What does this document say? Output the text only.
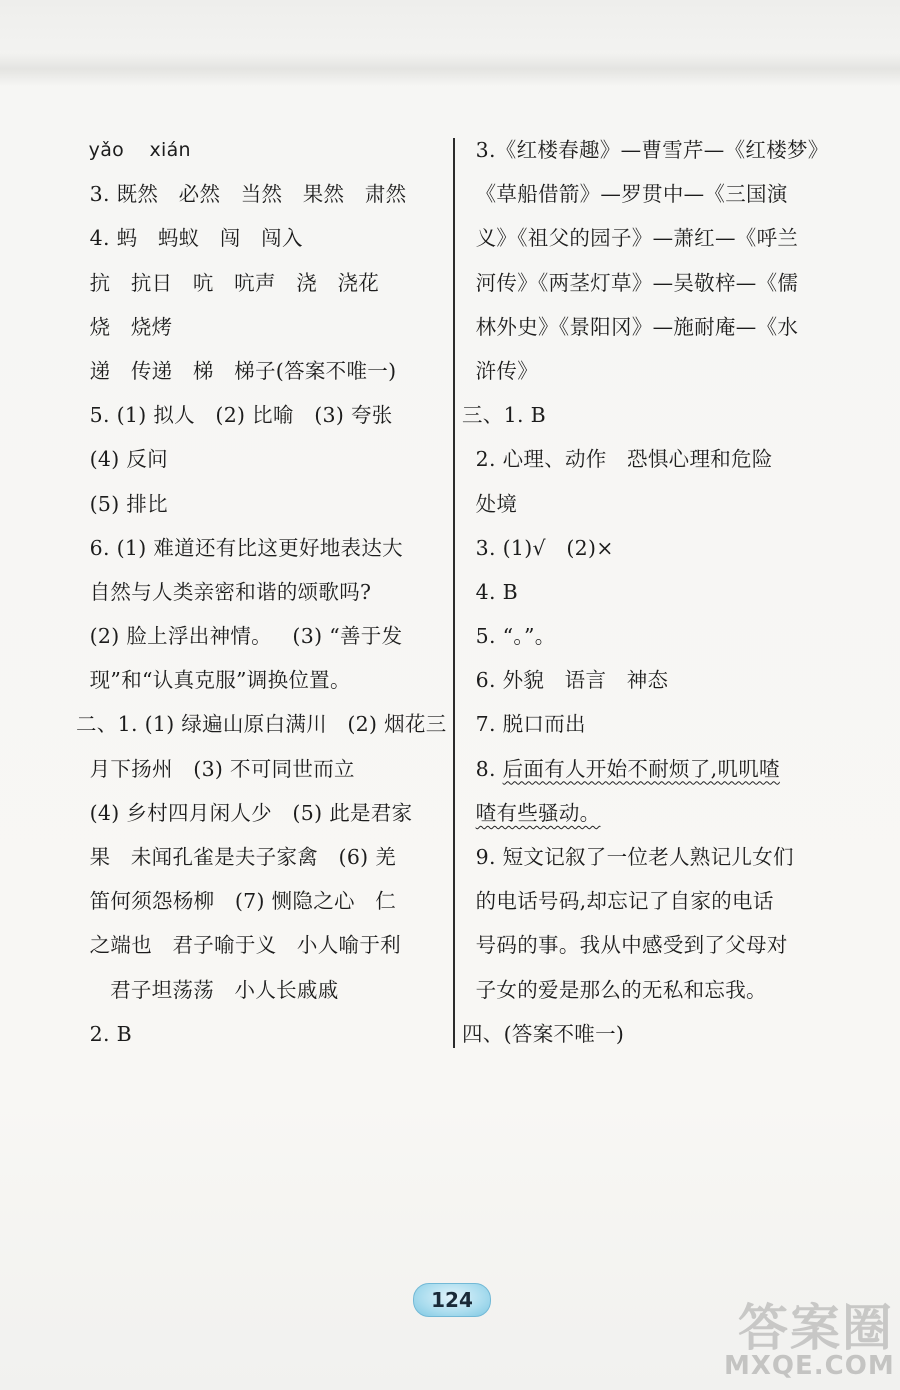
yǎo    xián
3. 既然   必然   当然   果然   肃然
4. 蚂   蚂蚁   闯   闯入
抗   抗日   吭   吭声   浇   浇花
烧   烧烤
递   传递   梯   梯子(答案不唯一)
5. (1) 拟人   (2) 比喻   (3) 夸张
(4) 反问
(5) 排比
6. (1) 难道还有比这更好地表达大
自然与人类亲密和谐的颂歌吗?
(2) 脸上浮出神情。   (3) “善于发
现”和“认真克服”调换位置。
二、1. (1) 绿遍山原白满川   (2) 烟花三
月下扬州   (3) 不可同世而立
(4) 乡村四月闲人少   (5) 此是君家
果   未闻孔雀是夫子家禽   (6) 羌
笛何须怨杨柳   (7) 恻隐之心   仁
之端也   君子喻于义   小人喻于利
君子坦荡荡   小人长戚戚
2. B
3.《红楼春趣》—曹雪芹—《红楼梦》
《草船借箭》—罗贯中—《三国演
义》《祖父的园子》—萧红—《呼兰
河传》《两茎灯草》—吴敬梓—《儒
林外史》《景阳冈》—施耐庵—《水
浒传》
三、1. B
2. 心理、动作   恐惧心理和危险
处境
3. (1)√   (2)×
4. B
5. “。”。
6. 外貌   语言   神态
7. 脱口而出
8. 后面有人开始不耐烦了,叽叽喳
喳有些骚动。
9. 短文记叙了一位老人熟记儿女们
的电话号码,却忘记了自家的电话
号码的事。我从中感受到了父母对
子女的爱是那么的无私和忘我。
四、(答案不唯一)
124	答案圈
MXQE.COM
